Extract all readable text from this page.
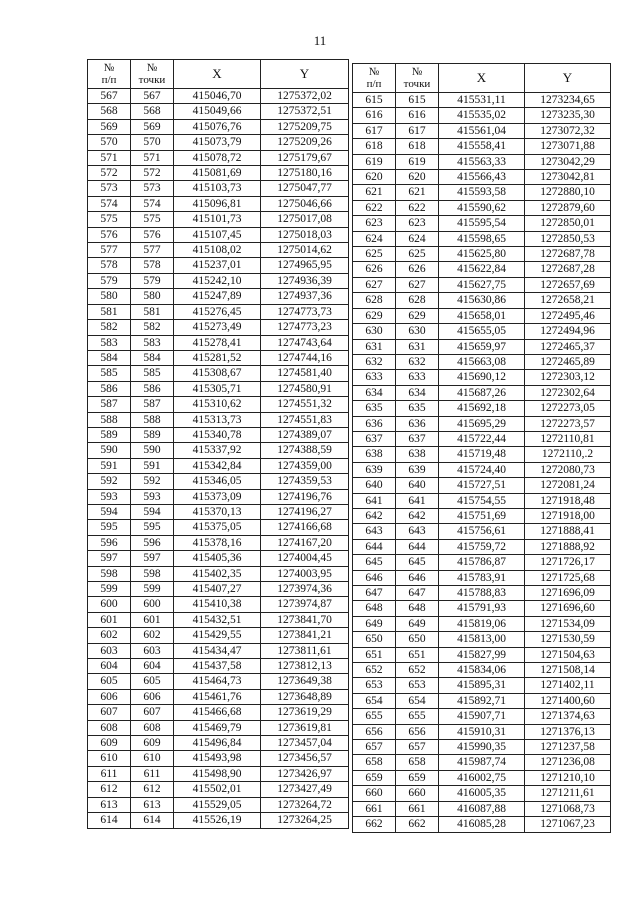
11
№
п/п	№
точки	X	Y
567	567	415046,70	1275372,02
568	568	415049,66	1275372,51
569	569	415076,76	1275209,75
570	570	415073,79	1275209,26
571	571	415078,72	1275179,67
572	572	415081,69	1275180,16
573	573	415103,73	1275047,77
574	574	415096,81	1275046,66
575	575	415101,73	1275017,08
576	576	415107,45	1275018,03
577	577	415108,02	1275014,62
578	578	415237,01	1274965,95
579	579	415242,10	1274936,39
580	580	415247,89	1274937,36
581	581	415276,45	1274773,73
582	582	415273,49	1274773,23
583	583	415278,41	1274743,64
584	584	415281,52	1274744,16
585	585	415308,67	1274581,40
586	586	415305,71	1274580,91
587	587	415310,62	1274551,32
588	588	415313,73	1274551,83
589	589	415340,78	1274389,07
590	590	415337,92	1274388,59
591	591	415342,84	1274359,00
592	592	415346,05	1274359,53
593	593	415373,09	1274196,76
594	594	415370,13	1274196,27
595	595	415375,05	1274166,68
596	596	415378,16	1274167,20
597	597	415405,36	1274004,45
598	598	415402,35	1274003,95
599	599	415407,27	1273974,36
600	600	415410,38	1273974,87
601	601	415432,51	1273841,70
602	602	415429,55	1273841,21
603	603	415434,47	1273811,61
604	604	415437,58	1273812,13
605	605	415464,73	1273649,38
606	606	415461,76	1273648,89
607	607	415466,68	1273619,29
608	608	415469,79	1273619,81
609	609	415496,84	1273457,04
610	610	415493,98	1273456,57
611	611	415498,90	1273426,97
612	612	415502,01	1273427,49
613	613	415529,05	1273264,72
614	614	415526,19	1273264,25
№
п/п	№
точки	X	Y
615	615	415531,11	1273234,65
616	616	415535,02	1273235,30
617	617	415561,04	1273072,32
618	618	415558,41	1273071,88
619	619	415563,33	1273042,29
620	620	415566,43	1273042,81
621	621	415593,58	1272880,10
622	622	415590,62	1272879,60
623	623	415595,54	1272850,01
624	624	415598,65	1272850,53
625	625	415625,80	1272687,78
626	626	415622,84	1272687,28
627	627	415627,75	1272657,69
628	628	415630,86	1272658,21
629	629	415658,01	1272495,46
630	630	415655,05	1272494,96
631	631	415659,97	1272465,37
632	632	415663,08	1272465,89
633	633	415690,12	1272303,12
634	634	415687,26	1272302,64
635	635	415692,18	1272273,05
636	636	415695,29	1272273,57
637	637	415722,44	1272110,81
638	638	415719,48	1272110,.2
639	639	415724,40	1272080,73
640	640	415727,51	1272081,24
641	641	415754,55	1271918,48
642	642	415751,69	1271918,00
643	643	415756,61	1271888,41
644	644	415759,72	1271888,92
645	645	415786,87	1271726,17
646	646	415783,91	1271725,68
647	647	415788,83	1271696,09
648	648	415791,93	1271696,60
649	649	415819,06	1271534,09
650	650	415813,00	1271530,59
651	651	415827,99	1271504,63
652	652	415834,06	1271508,14
653	653	415895,31	1271402,11
654	654	415892,71	1271400,60
655	655	415907,71	1271374,63
656	656	415910,31	1271376,13
657	657	415990,35	1271237,58
658	658	415987,74	1271236,08
659	659	416002,75	1271210,10
660	660	416005,35	1271211,61
661	661	416087,88	1271068,73
662	662	416085,28	1271067,23
